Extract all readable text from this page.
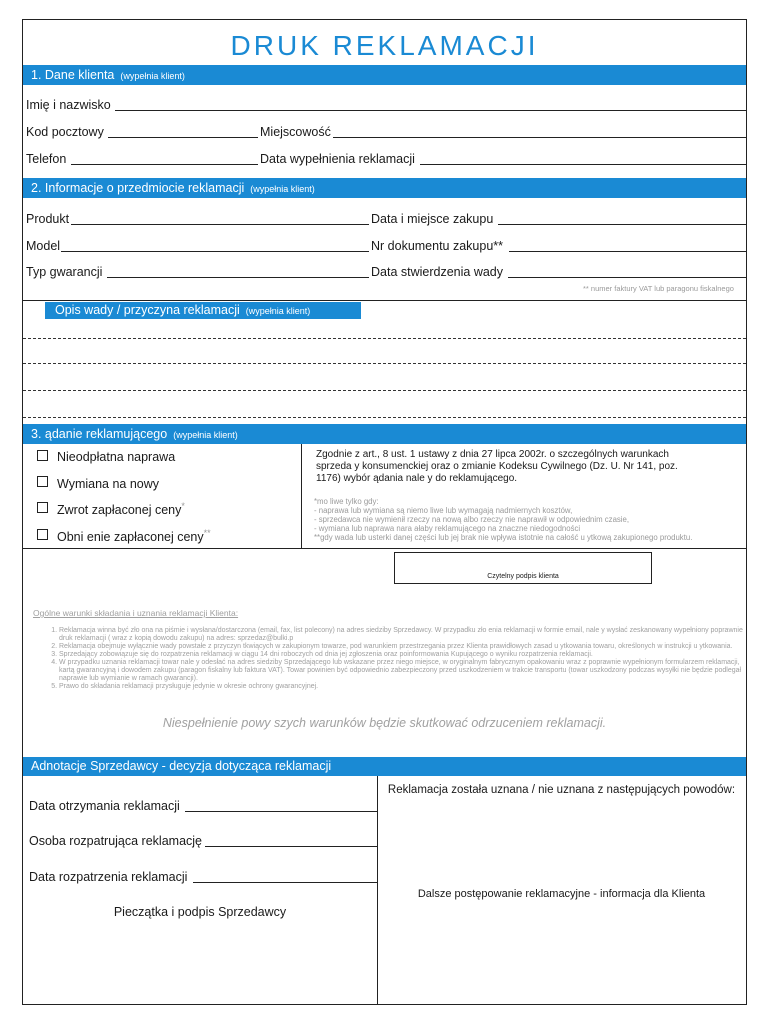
DRUK REKLAMACJI
1. Dane klienta (wypełnia klient)
Imię i nazwisko
Kod pocztowy	Miejscowość
Telefon	Data wypełnienia reklamacji
2. Informacje o przedmiocie reklamacji (wypełnia klient)
Produkt	Data i miejsce zakupu
Model	Nr dokumentu zakupu**
Typ gwarancji	Data stwierdzenia wady
** numer faktury VAT lub paragonu fiskalnego
Opis wady / przyczyna reklamacji (wypełnia klient)
3. ądanie reklamującego (wypełnia klient)
Nieodpłatna naprawa
Wymiana na nowy
Zwrot zapłaconej ceny*
Obni enie zapłaconej ceny**
Zgodnie z art., 8 ust. 1 ustawy z dnia 27 lipca 2002r. o szczególnych warunkach sprzeda y konsumenckiej oraz o zmianie Kodeksu Cywilnego (Dz. U. Nr 141, poz. 1176) wybór ądania nale y do reklamującego.
*mo liwe tylko gdy:
- naprawa lub wymiana są niemo liwe lub wymagają nadmiernych kosztów,
- sprzedawca nie wymienił rzeczy na nową albo rzeczy nie naprawił w odpowiednim czasie,
- wymiana lub naprawa nara ałaby reklamującego na znaczne niedogodności
**gdy wada lub usterki danej części lub jej brak nie wpływa istotnie na całość u ytkową zakupionego produktu.
Czytelny podpis klienta
Ogólne warunki składania i uznania reklamacji Klienta:
1. Reklamacja winna być zło ona na piśmie i wysłana/dostarczona (email, fax, list polecony) na adres siedziby Sprzedawcy. W przypadku zło enia reklamacji w formie email, nale y wysłać zeskanowany wypełniony poprawnie druk reklamacji ( wraz z kopią dowodu zakupu) na adres: sprzedaz@bulki.p
2. Reklamacja obejmuje wyłącznie wady powstałe z przyczyn tkwiących w zakupionym towarze, pod warunkiem przestrzegania przez Klienta prawidłowych zasad u ytkowania towaru, określonych w instrukcji u ytkowania.
3. Sprzedający zobowiązuje się do rozpatrzenia reklamacji w ciągu 14 dni roboczych od dnia jej zgłoszenia oraz poinformowania Kupującego o wyniku rozpatrzenia reklamacji.
4. W przypadku uznania reklamacji towar nale y odesłać na adres siedziby Sprzedającego lub wskazane przez niego miejsce, w oryginalnym fabrycznym opakowaniu wraz z poprawnie wypełnionym formularzem reklamacji, kartą gwarancyjną i dowodem zakupu (paragon fiskalny lub faktura VAT). Towar powinien być odpowiednio zabezpieczony przed uszkodzeniem w trakcie transportu (towar uszkodzony podczas wysyłki nie będzie podlegał naprawie lub wymianie w ramach gwarancji).
5. Prawo do składania reklamacji przysługuje jedynie w okresie ochrony gwarancyjnej.
Niespełnienie powy szych warunków będzie skutkować odrzuceniem reklamacji.
Adnotacje Sprzedawcy - decyzja dotycząca reklamacji
Data otrzymania reklamacji
Osoba rozpatrująca reklamację
Data rozpatrzenia reklamacji
Pieczątka i podpis Sprzedawcy
Reklamacja została uznana / nie uznana z następujących powodów:
Dalsze postępowanie reklamacyjne - informacja dla Klienta
